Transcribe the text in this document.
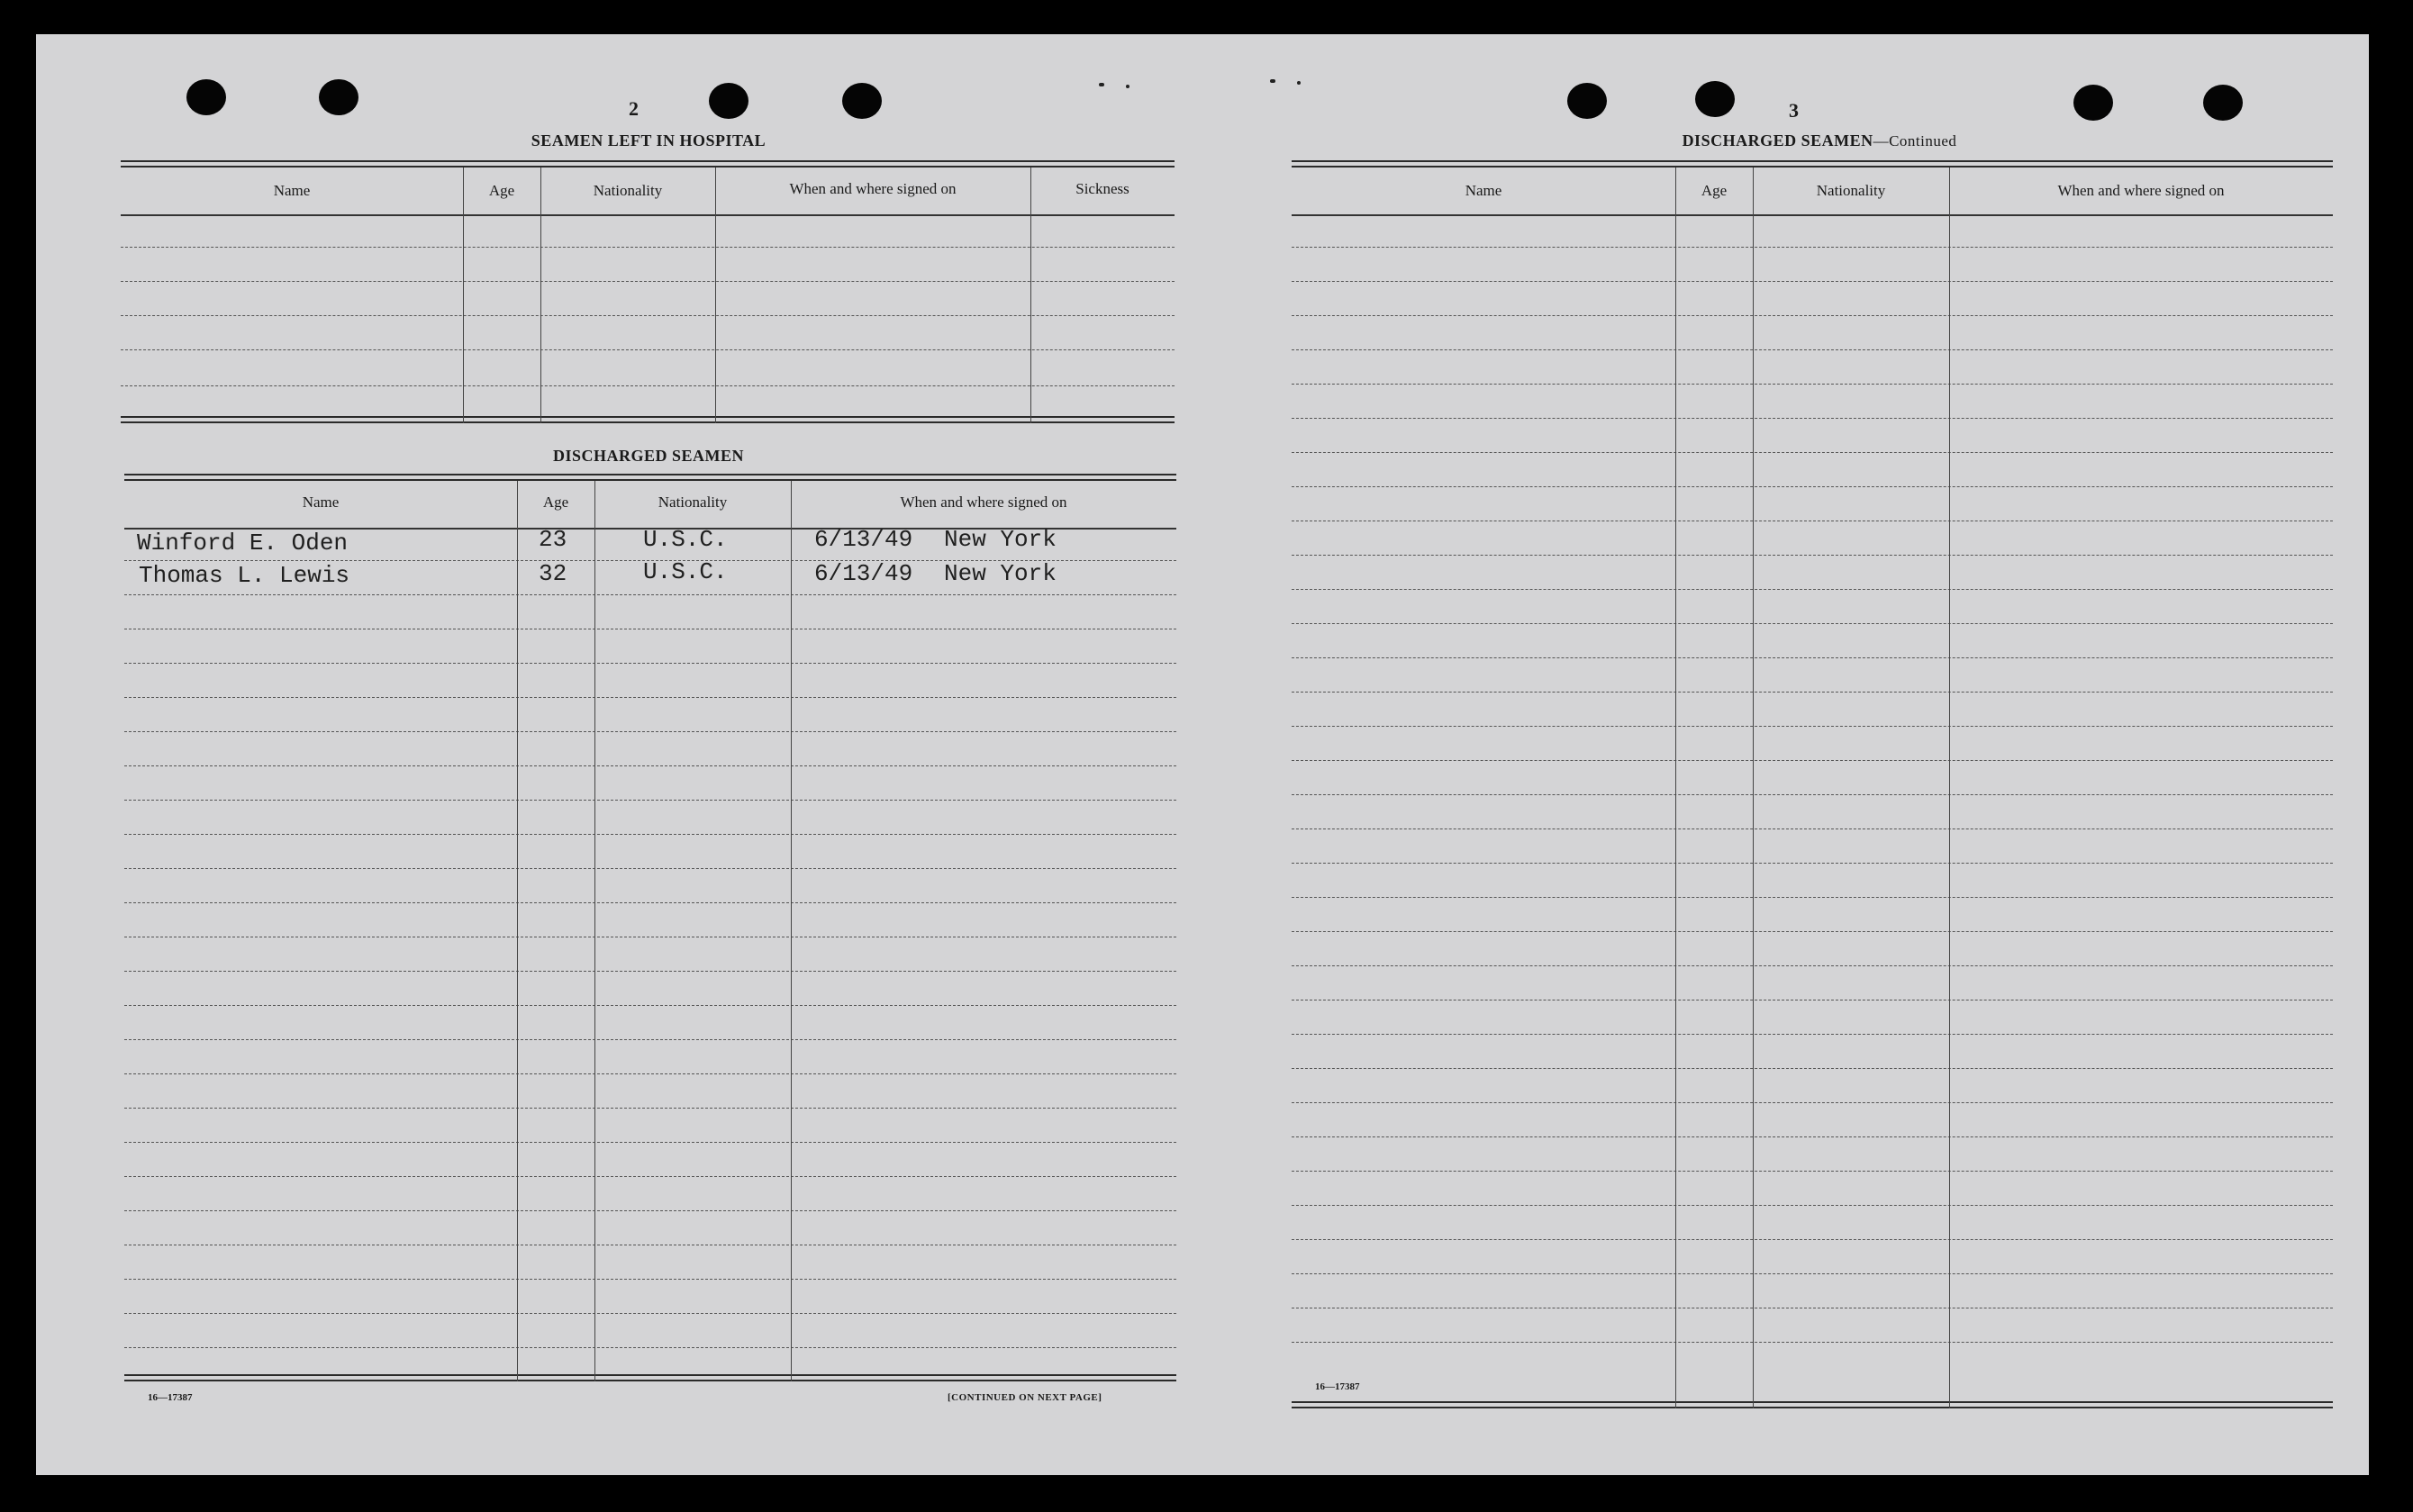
2
SEAMEN LEFT IN HOSPITAL
Name	Age	Nationality	When and where signed on	Sickness
DISCHARGED SEAMEN
Name	Age	Nationality	When and where signed on
Winford E. Oden	23	U.S.C.	6/13/49 New York
Thomas L. Lewis	32	U.S.C.	6/13/49 New York
16—17387	[CONTINUED ON NEXT PAGE]
3
DISCHARGED SEAMEN—Continued
Name	Age	Nationality	When and where signed on
16—17387
